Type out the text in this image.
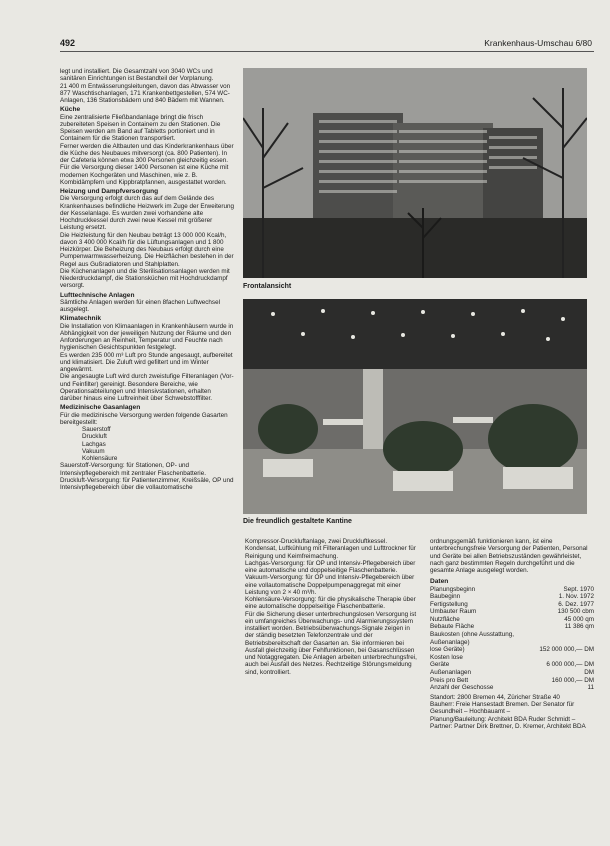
492	Krankenhaus-Umschau 6/80

legt und installiert. Die Gesamtzahl von 3040 WCs und sanitären Einrichtungen ist Bestandteil der Vorplanung.

21 400 m Entwässerungsleitungen, davon das Abwasser von 877 Waschtischanlagen, 171 Krankenbettgestellen, 574 WC-Anlagen, 136 Stationsbädern und 840 Bädern mit Wannen.

Küche

Eine zentralisierte Fließbandanlage bringt die frisch zubereiteten Speisen in Containern zu den Stationen. Die Speisen werden am Band auf Tabletts portioniert und in Containern für die Stationen transportiert.

Ferner werden die Altbauten und das Kinderkrankenhaus über die Küche des Neubaues mitversorgt (ca. 800 Patienten). In der Cafeteria können etwa 300 Personen gleichzeitig essen. Für die Versorgung dieser 1400 Personen ist eine Küche mit modernen Kochgeräten und Maschinen, wie z. B. Kombidämpfern und Kippbratpfannen, ausgestattet worden.

Heizung und Dampfversorgung

Die Versorgung erfolgt durch das auf dem Gelände des Krankenhauses befindliche Heizwerk im Zuge der Erweiterung der Kesselanlage. Es wurden zwei vorhandene alte Hochdruckkessel durch zwei neue Kessel mit größerer Leistung ersetzt.

Die Heizleistung für den Neubau beträgt 13 000 000 Kcal/h, davon 3 400 000 Kcal/h für die Lüftungsanlagen und 1 800 Heizkörper. Die Beheizung des Neubaus erfolgt durch eine Pumpenwarmwasserheizung. Die Heizflächen bestehen in der Regel aus Gußradiatoren und Stahlplatten.

Die Küchenanlagen und die Sterilisationsanlagen werden mit Niederdruckdampf, die Stationsküchen mit Hochdruckdampf versorgt.

Lufttechnische Anlagen

Sämtliche Anlagen werden für einen 8fachen Luftwechsel ausgelegt.

Klimatechnik

Die Installation von Klimaanlagen in Krankenhäusern wurde in Abhängigkeit von der jeweiligen Nutzung der Räume und den Anforderungen an Reinheit, Temperatur und Feuchte nach hygienischen Gesichtspunkten festgelegt.

Es werden 235 000 m³ Luft pro Stunde angesaugt, aufbereitet und klimatisiert. Die Zuluft wird gefiltert und im Winter angewärmt.

Die angesaugte Luft wird durch zweistufige Filteranlagen (Vor- und Feinfilter) gereinigt. Besondere Bereiche, wie Operationsabteilungen und Intensivstationen, erhalten darüber hinaus eine Luftreinheit über Schwebstofffilter.

Medizinische Gasanlagen

Für die medizinische Versorgung werden folgende Gasarten bereitgestellt:

Sauerstoff

Druckluft

Lachgas

Vakuum

Kohlensäure

Sauerstoff-Versorgung: für Stationen, OP- und Intensivpflegebereich mit zentraler Flaschenbatterie.

Druckluft-Versorgung: für Patientenzimmer, Kreißsäle, OP und Intensivpflegebereich über die vollautomatische

Frontalansicht
Die freundlich gestaltete Kantine

Kompressor-Druckluftanlage, zwei Druckluftkessel. Kondensat, Luftkühlung mit Filteranlagen und Lufttrockner für Reinigung und Keimfreimachung.

Lachgas-Versorgung: für OP und Intensiv-Pflegebereich über eine automatische und doppelseitige Flaschenbatterie.

Vakuum-Versorgung: für OP und Intensiv-Pflegebereich über eine vollautomatische Doppelpumpenaggregat mit einer Leistung von 2 × 40 m³/h.

Kohlensäure-Versorgung: für die physikalische Therapie über eine automatische doppelseitige Flaschenbatterie.

Für die Sicherung dieser unterbrechungslosen Versorgung ist ein umfangreiches Überwachungs- und Alarmierungssystem installiert worden. Betriebsüberwachungs-Signale zeigen in der ständig besetzten Telefonzentrale und der Betriebsbereitschaft der Gasarten an. Sie informieren bei Ausfall gleichzeitig über Fehlfunktionen, bei Gasanschlüssen und Notaggregaten. Die Anlagen arbeiten unterbrechungsfrei, auch bei Ausfall des Netzes. Rechtzeitige Störungsmeldung sind, kontrolliert.

ordnungsgemäß funktionieren kann, ist eine unterbrechungsfreie Versorgung der Patienten, Personal und Geräte bei allen Betriebszuständen gewährleistet, nach ganz bestimmten Regeln durchgeführt und die gesamte Anlage ausgelegt worden.

Daten
Planungsbeginn	Sept. 1970
Baubeginn	1. Nov. 1972
Fertigstellung	6. Dez. 1977
Umbauter Raum	130 500 cbm
Nutzfläche	45 000 qm
Bebaute Fläche	11 386 qm
Baukosten (ohne Ausstattung, Außenanlage)	
lose Geräte)	152 000 000,— DM
Kosten lose	
Geräte	6 000 000,— DM
Außenanlagen	DM
Preis pro Bett	160 000,— DM
Anzahl der Geschosse	11

Standort: 2800 Bremen 44, Züricher Straße 40

Bauherr: Freie Hansestadt Bremen. Der Senator für Gesundheit – Hochbauamt –

Planung/Bauleitung: Architekt BDA Ruder Schmidt – Partner: Partner Dirk Brettner, D. Kremer, Architekt BDA
